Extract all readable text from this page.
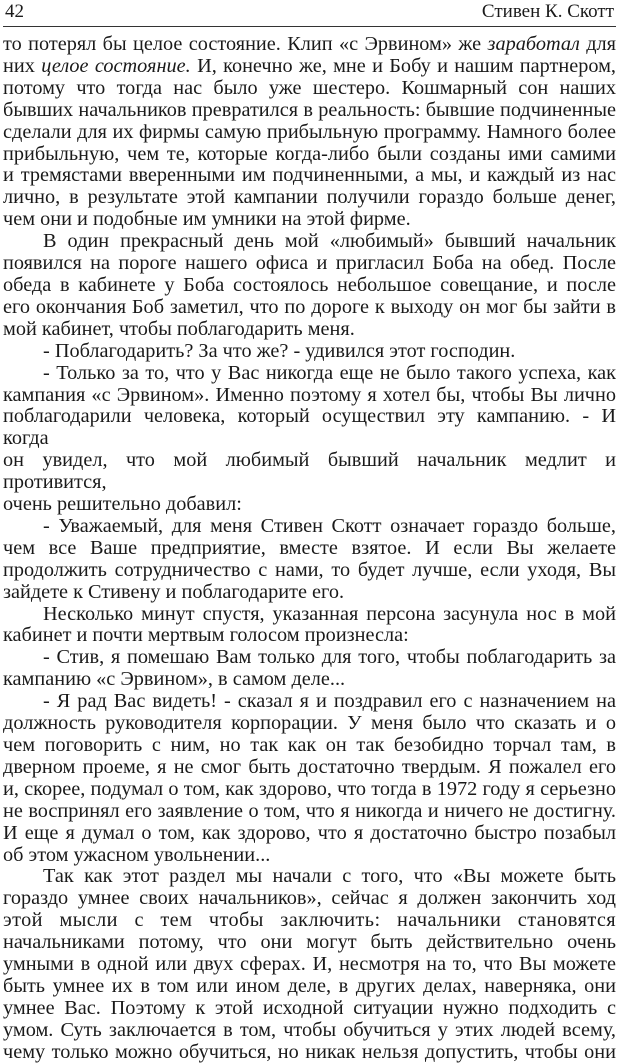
42	Стивен К. Скотт

то потерял бы целое состояние. Клип «с Эрвином» же заработал для

них целое состояние. И, конечно же, мне и Бобу и нашим партнером,

потому что тогда нас было уже шестеро. Кошмарный сон наших

бывших начальников превратился в реальность: бывшие подчиненные

сделали для их фирмы самую прибыльную программу. Намного более

прибыльную, чем те, которые когда-либо были созданы ими самими

и тремястами вверенными им подчиненными, а мы, и каждый из нас

лично, в результате этой кампании получили гораздо больше денег,

чем они и подобные им умники на этой фирме.

В один прекрасный день мой «любимый» бывший начальник

появился на пороге нашего офиса и пригласил Боба на обед. После

обеда в кабинете у Боба состоялось небольшое совещание, и после

его окончания Боб заметил, что по дороге к выходу он мог бы зайти в

мой кабинет, чтобы поблагодарить меня.

- Поблагодарить? За что же? - удивился этот господин.

- Только за то, что у Вас никогда еще не было такого успеха, как

кампания «с Эрвином». Именно поэтому я хотел бы, чтобы Вы лично

поблагодарили человека, который осуществил эту кампанию. - И когда

он увидел, что мой любимый бывший начальник медлит и противится,

очень решительно добавил:

- Уважаемый, для меня Стивен Скотт означает гораздо больше,

чем все Ваше предприятие, вместе взятое. И если Вы желаете

продолжить сотрудничество с нами, то будет лучше, если уходя, Вы

зайдете к Стивену и поблагодарите его.

Несколько минут спустя, указанная персона засунула нос в мой

кабинет и почти мертвым голосом произнесла:

- Стив, я помешаю Вам только для того, чтобы поблагодарить за

кампанию «с Эрвином», в самом деле...

- Я рад Вас видеть! - сказал я и поздравил его с назначением на

должность руководителя корпорации. У меня было что сказать и о

чем поговорить с ним, но так как он так безобидно торчал там, в

дверном проеме, я не смог быть достаточно твердым. Я пожалел его

и, скорее, подумал о том, как здорово, что тогда в 1972 году я серьезно

не воспринял его заявление о том, что я никогда и ничего не достигну.

И еще я думал о том, как здорово, что я достаточно быстро позабыл

об этом ужасном увольнении...

Так как этот раздел мы начали с того, что «Вы можете быть

гораздо умнее своих начальников», сейчас я должен закончить ход

этой мысли с тем чтобы заключить: начальники становятся

начальниками потому, что они могут быть действительно очень

умными в одной или двух сферах. И, несмотря на то, что Вы можете

быть умнее их в том или ином деле, в других делах, наверняка, они

умнее Вас. Поэтому к этой исходной ситуации нужно подходить с

умом. Суть заключается в том, чтобы обучиться у этих людей всему,

чему только можно обучиться, но никак нельзя допустить, чтобы они
